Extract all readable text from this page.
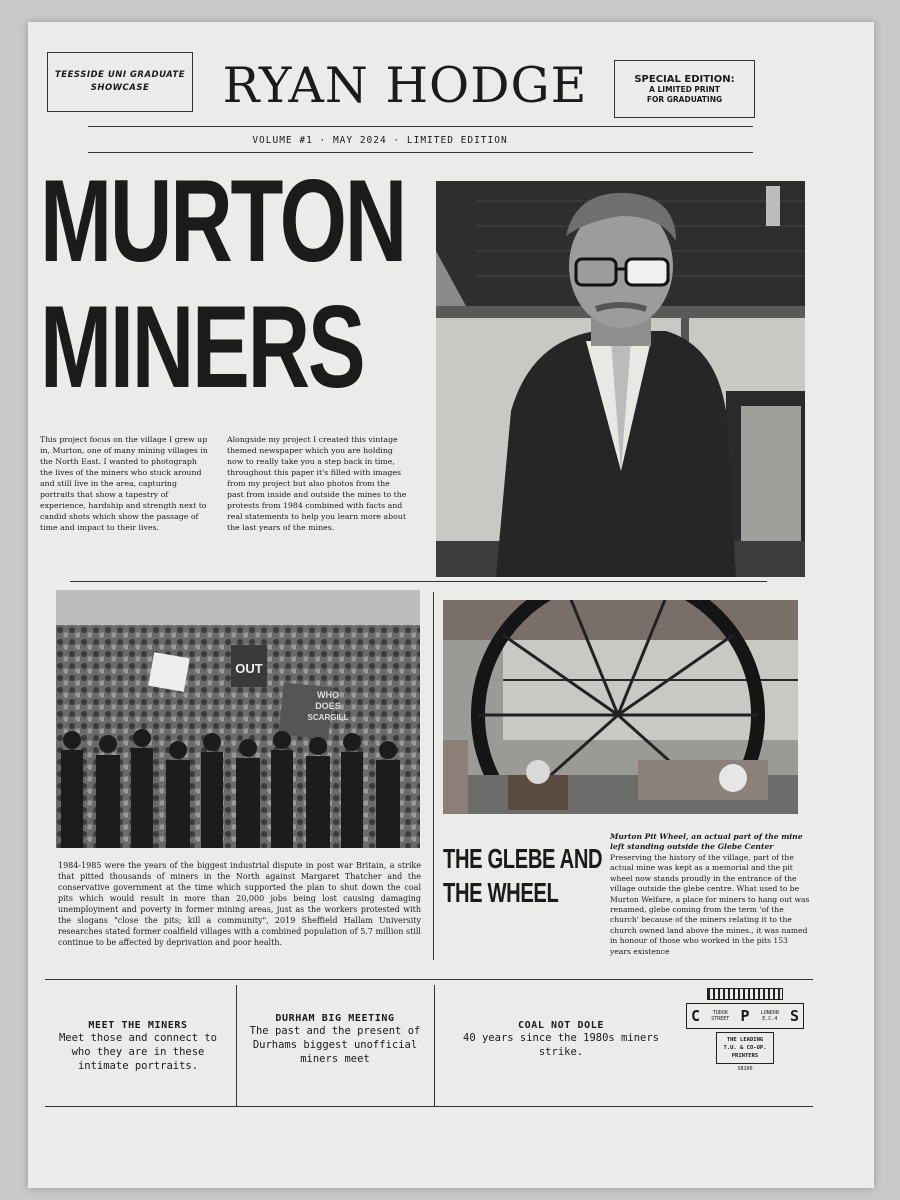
TEESSIDE UNI GRADUATE
SHOWCASE	RYAN HODGE	SPECIAL EDITION:
A LIMITED PRINT
FOR GRADUATING
VOLUME #1 · MAY 2024 · LIMITED EDITION
MURTON
MINERS
This project focus on the village I grew up in, Murton, one of many mining villages in the North East. I wanted to photograph the lives of the miners who stuck around and still live in the area, capturing portraits that show a tapestry of experience, hardship and strength next to candid shots which show the passage of time and impact to their lives.
Alongside my project I created this vintage themed newspaper which you are holding now to really take you a step back in time, throughout this paper it's filled with images from my project but also photos from the past from inside and outside the mines to the protests from 1984 combined with facts and real statements to help you learn more about the last years of the mines.
OUT
WHO
DOES
SCARGILL
1984-1985 were the years of the biggest industrial dispute in post war Britain, a strike that pitted thousands of miners in the North against Margaret Thatcher and the conservative government at the time which supported the plan to shut down the coal pits which would result in more than 20,000 jobs being lost causing damaging unemployment and poverty in former mining areas, just as the workers protested with the slogans "close the pits; kill a community", 2019 Sheffield Hallam University researches stated former coalfield villages with a combined population of 5.7 million still continue to be affected by deprivation and poor health.
THE GLEBE AND
THE WHEEL
Murton Pit Wheel, an actual part of the mine left standing outside the Glebe Center
Preserving the history of the village, part of the actual mine was kept as a memorial and the pit wheel now stands proudly in the entrance of the village outside the glebe centre. What used to be Murton Welfare, a place for miners to hang out was renamed, glebe coming from the term 'of the church' because of the miners relating it to the church owned land above the mines., it was named in honour of those who worked in the pits 153 years existence
MEET THE MINERS
Meet those and connect to who they are in these intimate portraits.
DURHAM BIG MEETING
The past and the present of Durhams biggest unofficial miners meet
COAL NOT DOLE
40 years since the 1980s miners strike.
C	TUDOR STREET P	LONDON E.C.4 S
THE LEADING
T.U. & CO-OP.
PRINTERS
SB100
